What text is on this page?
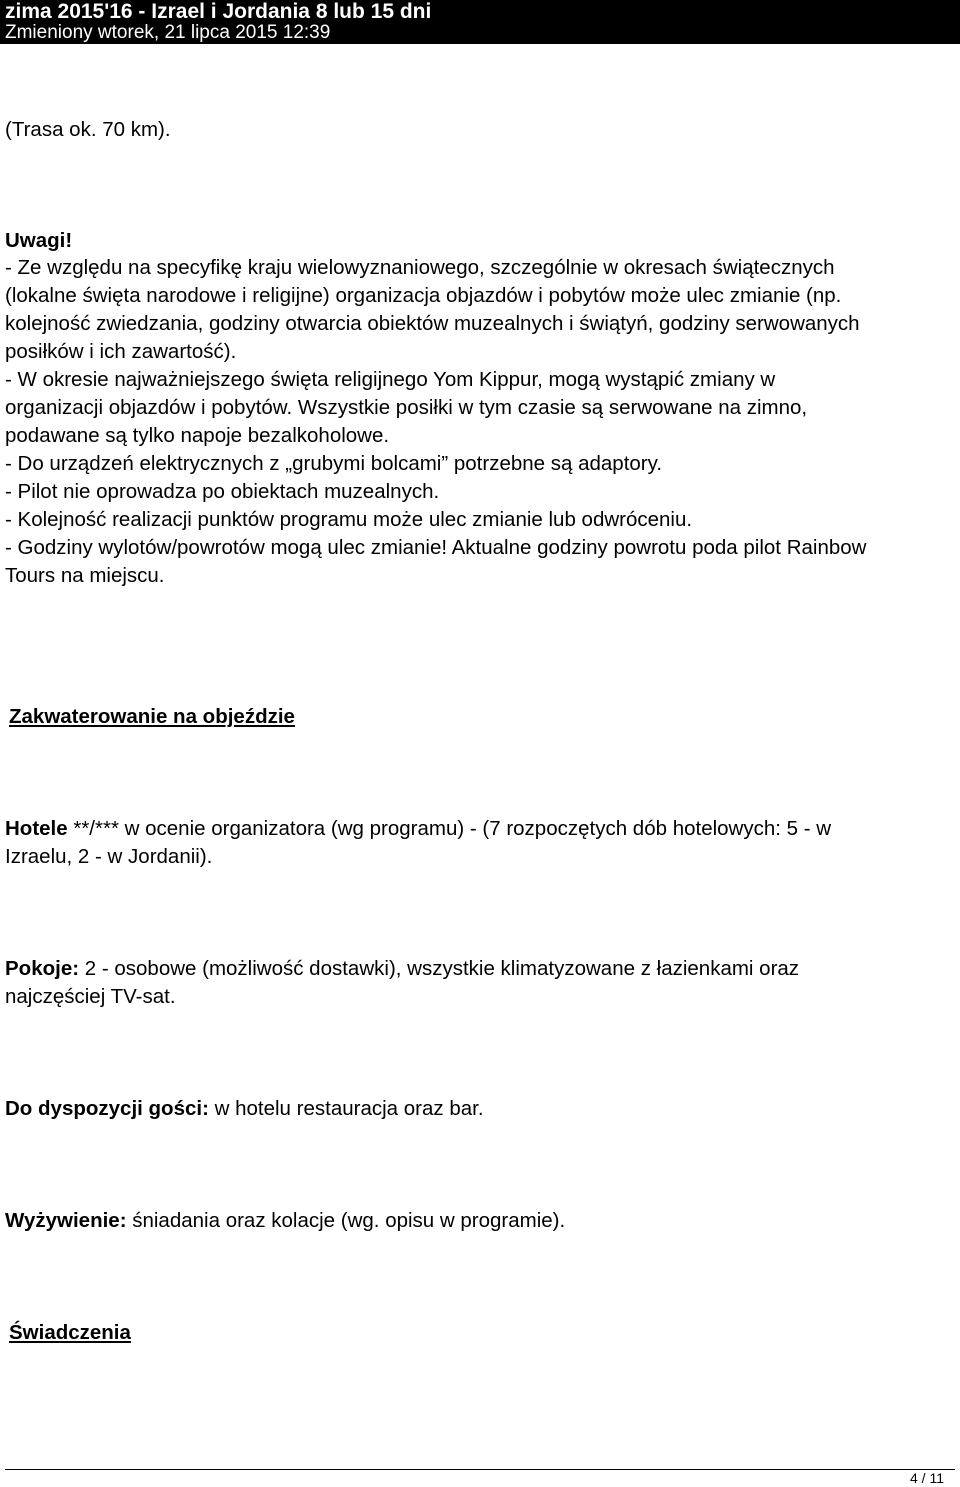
zima 2015'16 - Izrael i Jordania 8 lub 15 dni
Zmieniony wtorek, 21 lipca 2015 12:39
(Trasa ok. 70 km).
Uwagi!
- Ze względu na specyfikę kraju wielowyznaniowego, szczególnie w okresach świątecznych
(lokalne święta narodowe i religijne) organizacja objazdów i pobytów może ulec zmianie (np.
kolejność zwiedzania, godziny otwarcia obiektów muzealnych i świątyń, godziny serwowanych
posiłków i ich zawartość).
- W okresie najważniejszego święta religijnego Yom Kippur, mogą wystąpić zmiany w
organizacji objazdów i pobytów. Wszystkie posiłki w tym czasie są serwowane na zimno,
podawane są tylko napoje bezalkoholowe.
- Do urządzeń elektrycznych z „grubymi bolcami” potrzebne są adaptory.
- Pilot nie oprowadza po obiektach muzealnych.
- Kolejność realizacji punktów programu może ulec zmianie lub odwróceniu.
- Godziny wylotów/powrotów mogą ulec zmianie! Aktualne godziny powrotu poda pilot Rainbow
Tours na miejscu.
Zakwaterowanie na objeździe
Hotele **/*** w ocenie organizatora (wg programu) - (7 rozpoczętych dób hotelowych: 5 - w
Izraelu, 2 - w Jordanii).
Pokoje: 2 - osobowe (możliwość dostawki), wszystkie klimatyzowane z łazienkami oraz
najczęściej TV-sat.
Do dyspozycji gości: w hotelu restauracja oraz bar.
Wyżywienie: śniadania oraz kolacje (wg. opisu w programie).
Świadczenia
4 / 11
